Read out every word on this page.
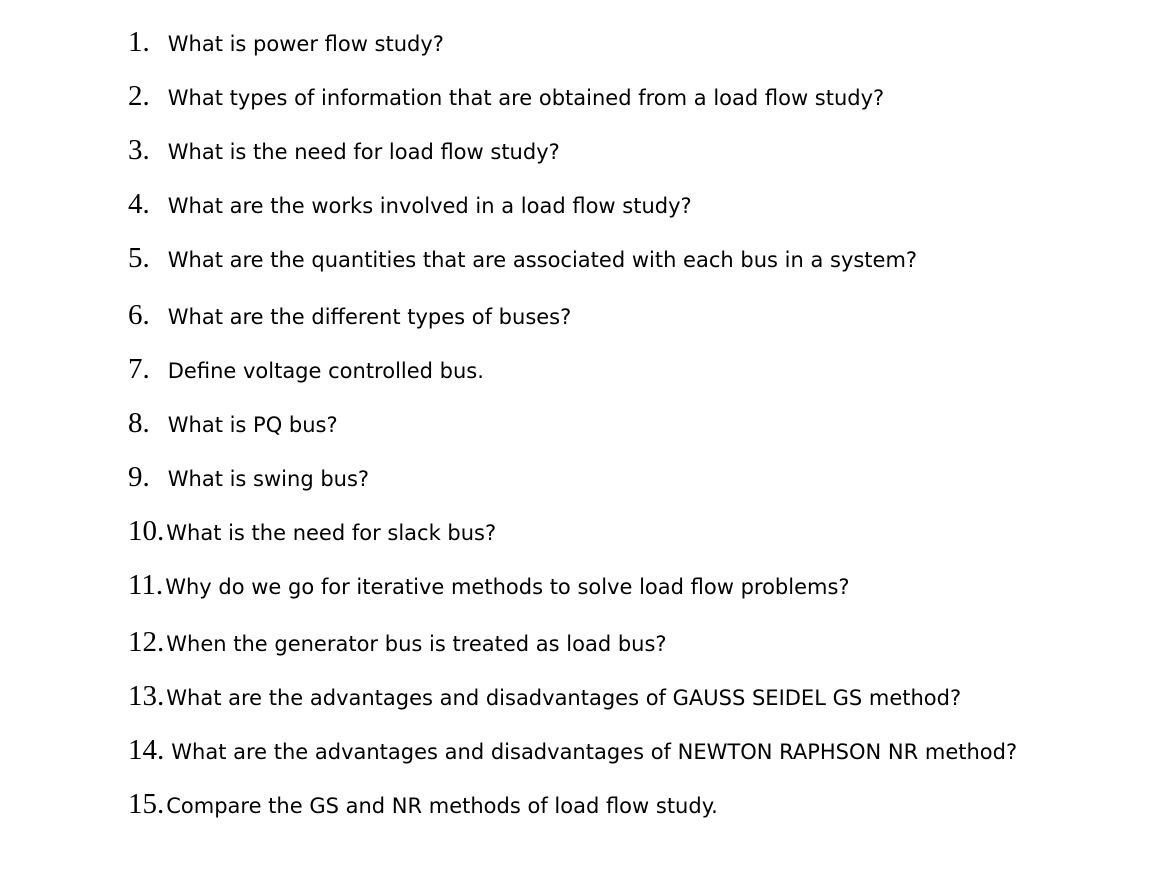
1. What is power flow study?
2. What types of information that are obtained from a load flow study?
3. What is the need for load flow study?
4. What are the works involved in a load flow study?
5. What are the quantities that are associated with each bus in a system?
6. What are the different types of buses?
7. Define voltage controlled bus.
8. What is PQ bus?
9. What is swing bus?
10.What is the need for slack bus?
11.Why do we go for iterative methods to solve load flow problems?
12.When the generator bus is treated as load bus?
13.What are the advantages and disadvantages of GAUSS SEIDEL GS method?
14. What are the advantages and disadvantages of NEWTON RAPHSON NR method?
15.Compare the GS and NR methods of load flow study.
